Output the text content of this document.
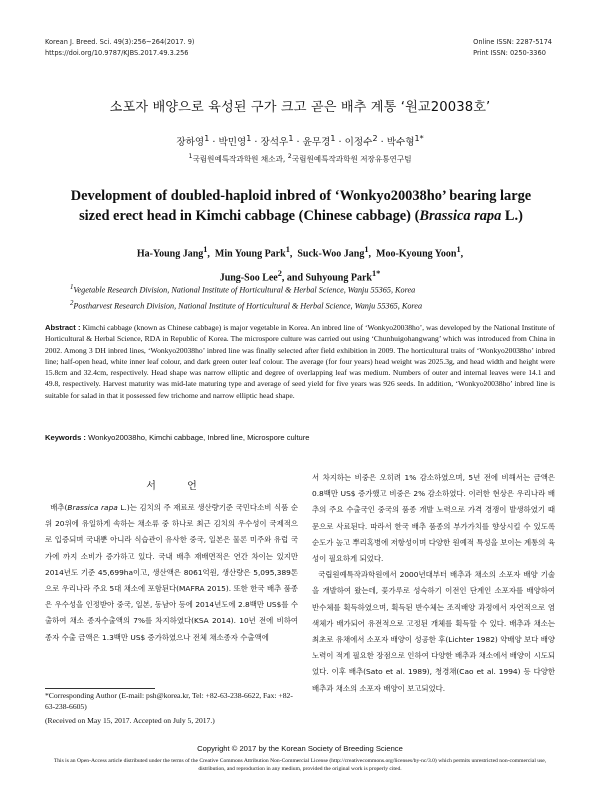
Korean J. Breed. Sci. 49(3):256~264(2017. 9)
https://doi.org/10.9787/KJBS.2017.49.3.256
Online ISSN: 2287-5174
Print ISSN: 0250-3360
소포자 배양으로 육성된 구가 크고 곧은 배추 계통 ‘원교20038호’
장하영$^1$ · 박민영$^1$ · 장석우$^1$ · 윤무경$^1$ · 이정수$^2$ · 박수형$^{1*}$
$^1$국립원예특작과학원 채소과, $^2$국립원예특작과학원 저장유통연구팀
Development of doubled-haploid inbred of ‘Wonkyo20038ho’ bearing large sized erect head in Kimchi cabbage (Chinese cabbage) (Brassica rapa L.)
Ha-Young Jang$^1$,  Min Young Park$^1$,  Suck-Woo Jang$^1$,  Moo-Kyoung Yoon$^1$,
Jung-Soo Lee$^2$, and Suhyoung Park$^{1*}$
$^1$Vegetable Research Division, National Institute of Horticultural & Herbal Science, Wanju 55365, Korea
$^2$Postharvest Research Division, National Institute of Horticultural & Herbal Science, Wanju 55365, Korea
Abstract : Kimchi cabbage (known as Chinese cabbage) is major vegetable in Korea. An inbred line of ‘Wonkyo20038ho’, was developed by the National Institute of Horticultural & Herbal Science, RDA in Republic of Korea. The microspore culture was carried out using ‘Chunhuigohangwang’ which was introduced from China in 2002. Among 3 DH inbred lines, ‘Wonkyo20038ho’ inbred line was finally selected after field exhibition in 2009. The horticultural traits of ‘Wonkyo20038ho’ inbred line; half-open head, white inner leaf colour, and dark green outer leaf colour. The average (for four years) head weight was 2025.3g, and head width and height were 15.8cm and 32.4cm, respectively. Head shape was narrow elliptic and degree of overlapping leaf was medium. Numbers of outer and internal leaves were 14.1 and 49.8, respectively. Harvest maturity was mid-late maturing type and average of seed yield for five years was 926 seeds. In addition, ‘Wonkyo20038ho’ inbred line is suitable for salad in that it possessed few trichome and narrow elliptic head shape.
Keywords : Wonkyo20038ho, Kimchi cabbage, Inbred line, Microspore culture
서 언

배추(Brassica rapa L.)는 김치의 주 재료로 생산량기준 국민다소비 식품 순위 20위에 유일하게 속하는 채소류 중 하나로 최근 김치의 우수성이 국제적으로 입증되며 국내뿐 아니라 식습관이 유사한 중국, 일본은 물론 미주와 유럽 국가에 까지 소비가 증가하고 있다. 국내 배추 재배면적은 연간 차이는 있지만 2014년도 기준 45,699ha이고, 생산액은 8061억원, 생산량은 5,095,389톤으로 우리나라 주요 5대 채소에 포함된다(MAFRA 2015). 또한 한국 배추 품종은 우수성을 인정받아 중국, 일본, 동남아 등에 2014년도에 2.8백만 US$를 수출하여 채소 종자수출액의 7%를 차지하였다(KSA 2014). 10년 전에 비하여 종자 수출 금액은 1.3백만 US$ 증가하였으나 전체 채소종자 수출액에

서 차지하는 비중은 오히려 1% 감소하였으며, 5년 전에 비해서는 금액은 0.8백만 US$ 증가했고 비중은 2% 감소하였다. 이러한 현상은 우리나라 배추의 주요 수출국인 중국의 품종 개발 노력으로 가격 경쟁이 발생하였기 때문으로 사료된다. 따라서 한국 배추 품종의 부가가치를 향상시킬 수 있도록 순도가 높고 뿌리혹병에 저항성이며 다양한 원예적 특성을 보이는 계통의 육성이 필요하게 되었다.

국립원예특작과학원에서 2000년대부터 배추과 채소의 소포자 배양 기술을 개발하여 왔는데, 꽃가루로 성숙하기 이전인 단계인 소포자를 배양하여 반수체를 획득하였으며, 획득된 반수체는 조직배양 과정에서 자연적으로 염색체가 배가되어 유전적으로 고정된 개체를 획득할 수 있다. 배추과 채소는 최초로 유채에서 소포자 배양이 성공한 후(Lichter 1982) 약배양 보다 배양 노력이 적게 필요한 장점으로 인하여 다양한 배추과 채소에서 배양이 시도되었다. 이후 배추(Sato et al. 1989), 청경채(Cao et al. 1994) 등 다양한 배추과 채소의 소포자 배양이 보고되었다.

*Corresponding Author (E-mail: psh@korea.kr, Tel: +82-63-238-6622, Fax: +82-63-238-6605)
(Received on May 15, 2017. Accepted on July 5, 2017.)
Copyright © 2017 by the Korean Society of Breeding Science
This is an Open-Access article distributed under the terms of the Creative Commons Attribution Non-Commercial License (http://creativecommons.org/licenses/by-nc/3.0) which permits unrestricted non-commercial use, distribution, and reproduction in any medium, provided the original work is properly cited.
